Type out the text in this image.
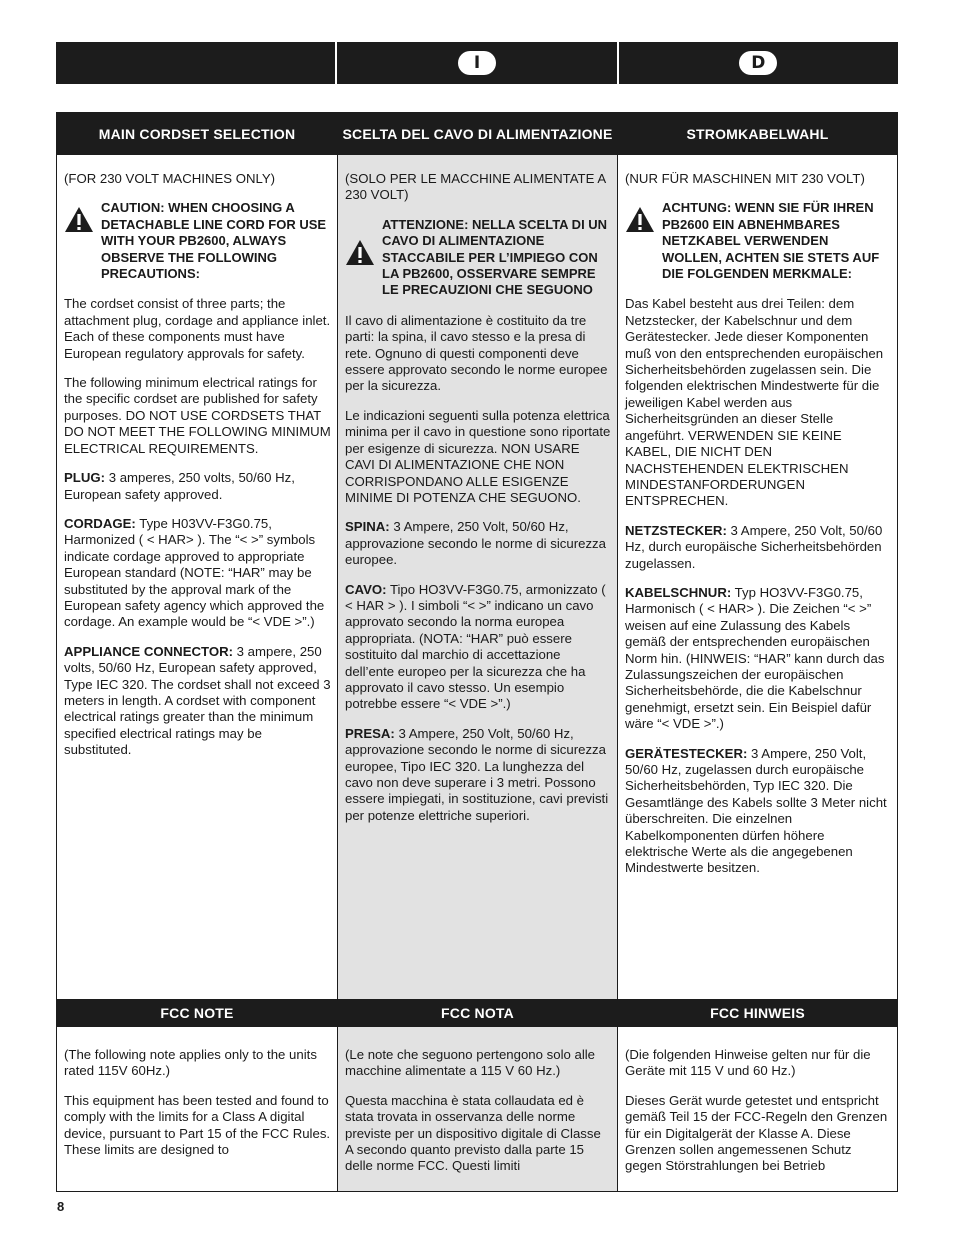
I	D
MAIN CORDSET SELECTION

(FOR 230 VOLT MACHINES ONLY)

CAUTION: WHEN CHOOSING A DETACHABLE LINE CORD FOR USE WITH YOUR PB2600, ALWAYS OBSERVE THE FOLLOWING PRECAUTIONS:

The cordset consist of three parts; the attachment plug, cordage and appliance inlet. Each of these components must have European regulatory approvals for safety.

The following minimum electrical ratings for the specific cordset are published for safety purposes. DO NOT USE CORDSETS THAT DO NOT MEET THE FOLLOWING MINIMUM ELECTRICAL REQUIREMENTS.

PLUG: 3 amperes, 250 volts, 50/60 Hz, European safety approved.

CORDAGE: Type H03VV-F3G0.75, Harmonized ( < HAR> ). The “< >” symbols indicate cordage approved to appropriate European standard (NOTE: “HAR” may be substituted by the approval mark of the European safety agency which approved the cordage. An example would be “< VDE >”.)

APPLIANCE CONNECTOR: 3 ampere, 250 volts, 50/60 Hz, European safety approved, Type IEC 320. The cordset shall not exceed 3 meters in length. A cordset with component electrical ratings greater than the minimum specified electrical ratings may be substituted.

FCC NOTE

(The following note applies only to the units rated 115V 60Hz.)

This equipment has been tested and found to comply with the limits for a Class A digital device, pursuant to Part 15 of the FCC Rules. These limits are designed to

SCELTA DEL CAVO DI ALIMENTAZIONE

(SOLO PER LE MACCHINE ALIMENTATE A 230 VOLT)

ATTENZIONE: NELLA SCELTA DI UN CAVO DI ALIMENTAZIONE STACCABILE PER L’IMPIEGO CON LA PB2600, OSSERVARE SEMPRE LE PRECAUZIONI CHE SEGUONO

Il cavo di alimentazione è costituito da tre parti: la spina, il cavo stesso e la presa di rete. Ognuno di questi componenti deve essere approvato secondo le norme europee per la sicurezza.

Le indicazioni seguenti sulla potenza elettrica minima per il cavo in questione sono riportate per esigenze di sicurezza. NON USARE CAVI DI ALIMENTAZIONE CHE NON CORRISPONDANO ALLE ESIGENZE MINIME DI POTENZA CHE SEGUONO.

SPINA: 3 Ampere, 250 Volt, 50/60 Hz, approvazione secondo le norme di sicurezza europee.

CAVO: Tipo HO3VV-F3G0.75, armonizzato ( < HAR > ). I simboli “< >” indicano un cavo approvato secondo la norma europea appropriata. (NOTA: “HAR” può essere sostituito dal marchio di accettazione dell’ente europeo per la sicurezza che ha approvato il cavo stesso. Un esempio potrebbe essere “< VDE >”.)

PRESA: 3 Ampere, 250 Volt, 50/60 Hz, approvazione secondo le norme di sicurezza europee, Tipo IEC 320. La lunghezza del cavo non deve superare i 3 metri. Possono essere impiegati, in sostituzione, cavi previsti per potenze elettriche superiori.

FCC NOTA

(Le note che seguono pertengono solo alle macchine alimentate a 115 V 60 Hz.)

Questa macchina è stata collaudata ed è stata trovata in osservanza delle norme previste per un dispositivo digitale di Classe A secondo quanto previsto dalla parte 15 delle norme FCC. Questi limiti

STROMKABELWAHL

(NUR FÜR MASCHINEN MIT 230 VOLT)

ACHTUNG: WENN SIE FÜR IHREN PB2600 EIN ABNEHMBARES NETZKABEL VERWENDEN WOLLEN, ACHTEN SIE STETS AUF DIE FOLGENDEN MERKMALE:

Das Kabel besteht aus drei Teilen: dem Netzstecker, der Kabelschnur und dem Gerätestecker. Jede dieser Komponenten muß von den entsprechenden europäischen Sicherheitsbehörden zugelassen sein. Die folgenden elektrischen Mindestwerte für die jeweiligen Kabel werden aus Sicherheitsgründen an dieser Stelle angeführt. VERWENDEN SIE KEINE KABEL, DIE NICHT DEN NACHSTEHENDEN ELEKTRISCHEN MINDESTANFORDERUNGEN ENTSPRECHEN.

NETZSTECKER: 3 Ampere, 250 Volt, 50/60 Hz, durch europäische Sicherheitsbehörden zugelassen.

KABELSCHNUR: Typ HO3VV-F3G0.75, Harmonisch ( < HAR> ). Die Zeichen “< >” weisen auf eine Zulassung des Kabels gemäß der entsprechenden europäischen Norm hin. (HINWEIS: “HAR” kann durch das Zulassungszeichen der europäischen Sicherheitsbehörde, die die Kabelschnur genehmigt, ersetzt sein. Ein Beispiel dafür wäre “< VDE >”.)

GERÄTESTECKER: 3 Ampere, 250 Volt, 50/60 Hz, zugelassen durch europäische Sicherheitsbehörden, Typ IEC 320. Die Gesamtlänge des Kabels sollte 3 Meter nicht überschreiten. Die einzelnen Kabelkomponenten dürfen höhere elektrische Werte als die angegebenen Mindestwerte besitzen.

FCC HINWEIS

(Die folgenden Hinweise gelten nur für die Geräte mit 115 V und 60 Hz.)

Dieses Gerät wurde getestet und entspricht gemäß Teil 15 der FCC-Regeln den Grenzen für ein Digitalgerät der Klasse A. Diese Grenzen sollen angemessenen Schutz gegen Störstrahlungen bei Betrieb

8
